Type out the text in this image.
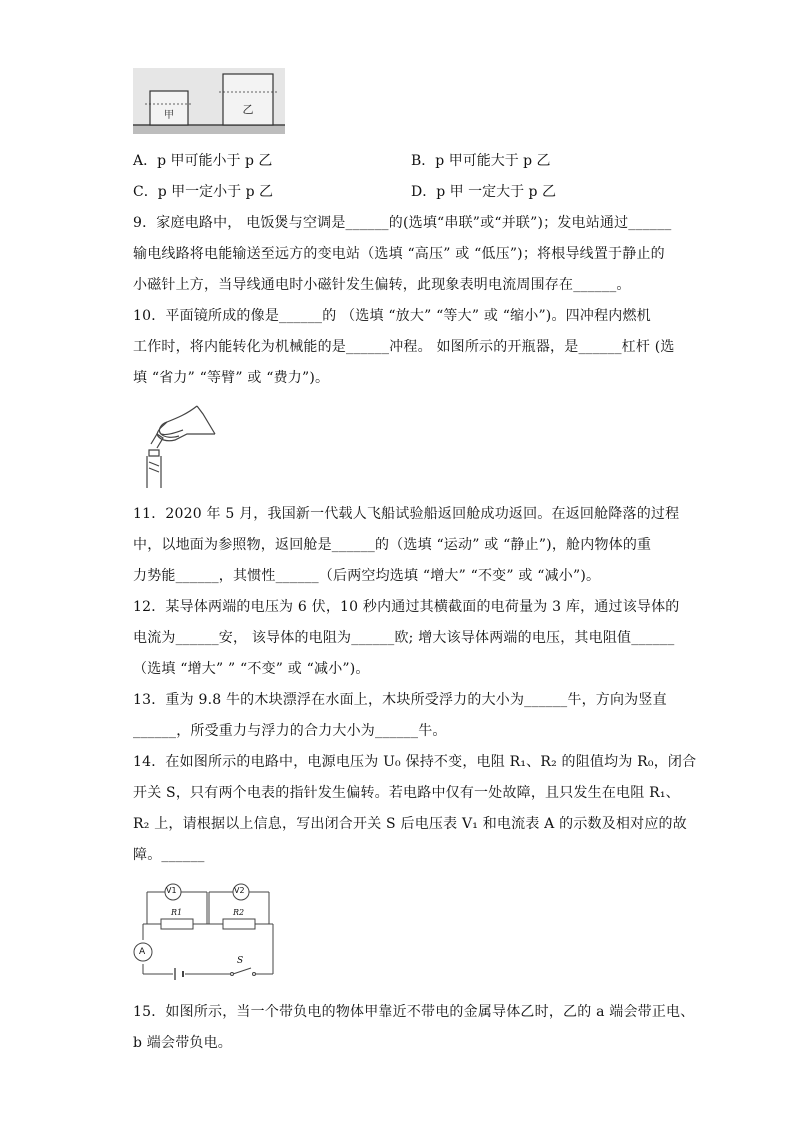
甲	乙
A．p 甲可能小于 p 乙	B．p 甲可能大于 p 乙
C．p 甲一定小于 p 乙	D．p 甲 一定大于 p 乙
9．家庭电路中， 电饭煲与空调是______的(选填“串联”或“并联”)；发电站通过______
输电线路将电能输送至远方的变电站（选填 “高压” 或 “低压”)；将根导线置于静止的
小磁针上方，当导线通电时小磁针发生偏转，此现象表明电流周围存在______。
10．平面镜所成的像是______的 （选填 “放大” “等大” 或 “缩小”)。四冲程内燃机
工作时，将内能转化为机械能的是______冲程。 如图所示的开瓶器，是______杠杆 (选
填 “省力” “等臂” 或 “费力”)。
11．2020 年 5 月，我国新一代载人飞船试验船返回舱成功返回。在返回舱降落的过程
中，以地面为参照物，返回舱是______的（选填 “运动” 或 “静止”)，舱内物体的重
力势能______，其惯性______（后两空均选填 “增大” “不变” 或 “减小”)。
12．某导体两端的电压为 6 伏，10 秒内通过其横截面的电荷量为 3 库，通过该导体的
电流为______安， 该导体的电阻为______欧; 增大该导体两端的电压，其电阻值______
（选填 “增大” ” “不变” 或 “减小”)。
13．重为 9.8 牛的木块漂浮在水面上，木块所受浮力的大小为______牛，方向为竖直
______，所受重力与浮力的合力大小为______牛。
14．在如图所示的电路中，电源电压为 U₀ 保持不变，电阻 R₁、R₂ 的阻值均为 R₀，闭合
开关 S，只有两个电表的指针发生偏转。若电路中仅有一处故障，且只发生在电阻 R₁、
R₂ 上，请根据以上信息，写出闭合开关 S 后电压表 V₁ 和电流表 A 的示数及相对应的故
障。______
V1	V2
R1	R2
A
S
15．如图所示，当一个带负电的物体甲靠近不带电的金属导体乙时，乙的 a 端会带正电、
b 端会带负电。
